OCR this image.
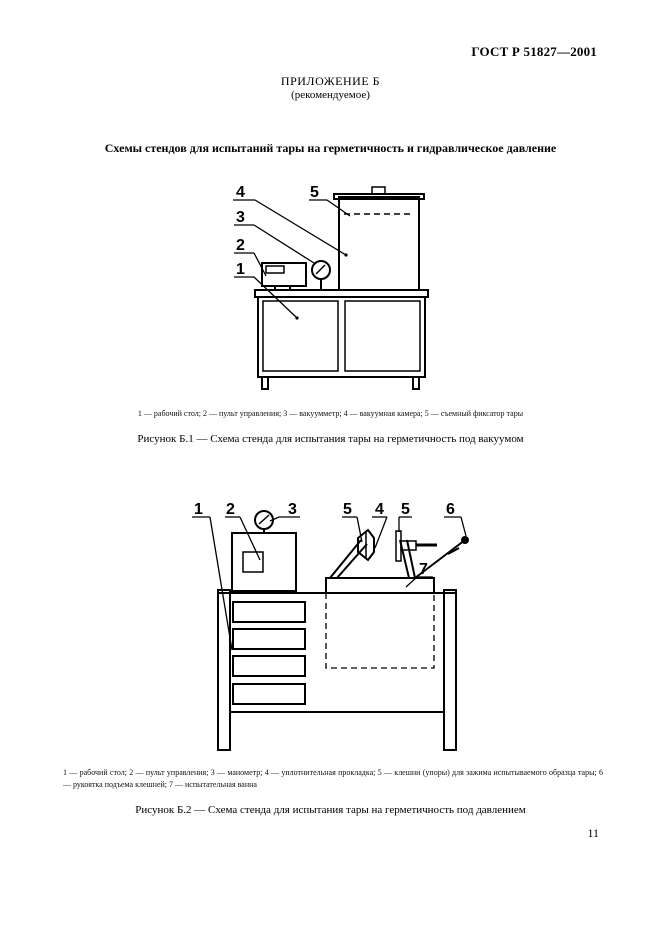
ГОСТ Р 51827—2001
ПРИЛОЖЕНИЕ Б
(рекомендуемое)
Схемы стендов для испытаний тары на герметичность и гидравлическое давление
4	5
3
2
1
1 — рабочий стол; 2 — пульт управления; 3 — вакуумметр; 4 — вакуумная камера; 5 — съемный фиксатор тары
Рисунок Б.1 — Схема стенда для испытания тары на герметичность под вакуумом
1 2	3	5 4 5 6
7
1 — рабочий стол; 2 — пульт управления; 3 — манометр; 4 — уплотнительная прокладка; 5 — клешни (упоры) для зажима испытываемого образца тары; 6 — рукоятка подъема клешней; 7 — испытательная ванна
Рисунок Б.2 — Схема стенда для испытания тары на герметичность под давлением
11
